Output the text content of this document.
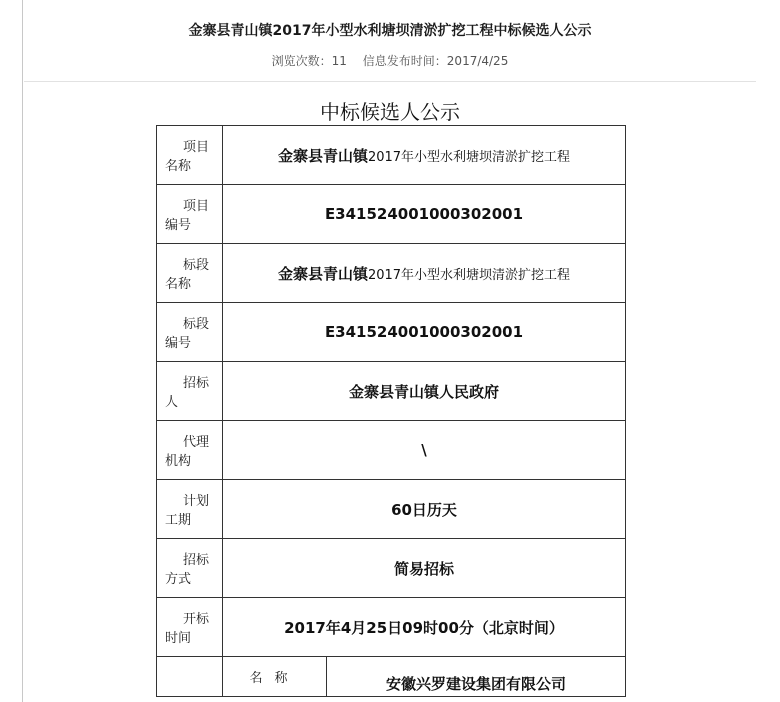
金寨县青山镇2017年小型水利塘坝清淤扩挖工程中标候选人公示
浏览次数：11 信息发布时间：2017/4/25
中标候选人公示
项目
名称	金寨县青山镇2017年小型水利塘坝清淤扩挖工程	

项目
编号	E341524001000302001	

标段
名称	金寨县青山镇2017年小型水利塘坝清淤扩挖工程	

标段
编号	E341524001000302001	

招标
人	金寨县青山镇人民政府	

代理
机构	\	

计划
工期	60日历天	

招标
方式	简易招标	

开标
时间	2017年4月25日09时00分（北京时间）	
	名称	安徽兴罗建设集团有限公司
